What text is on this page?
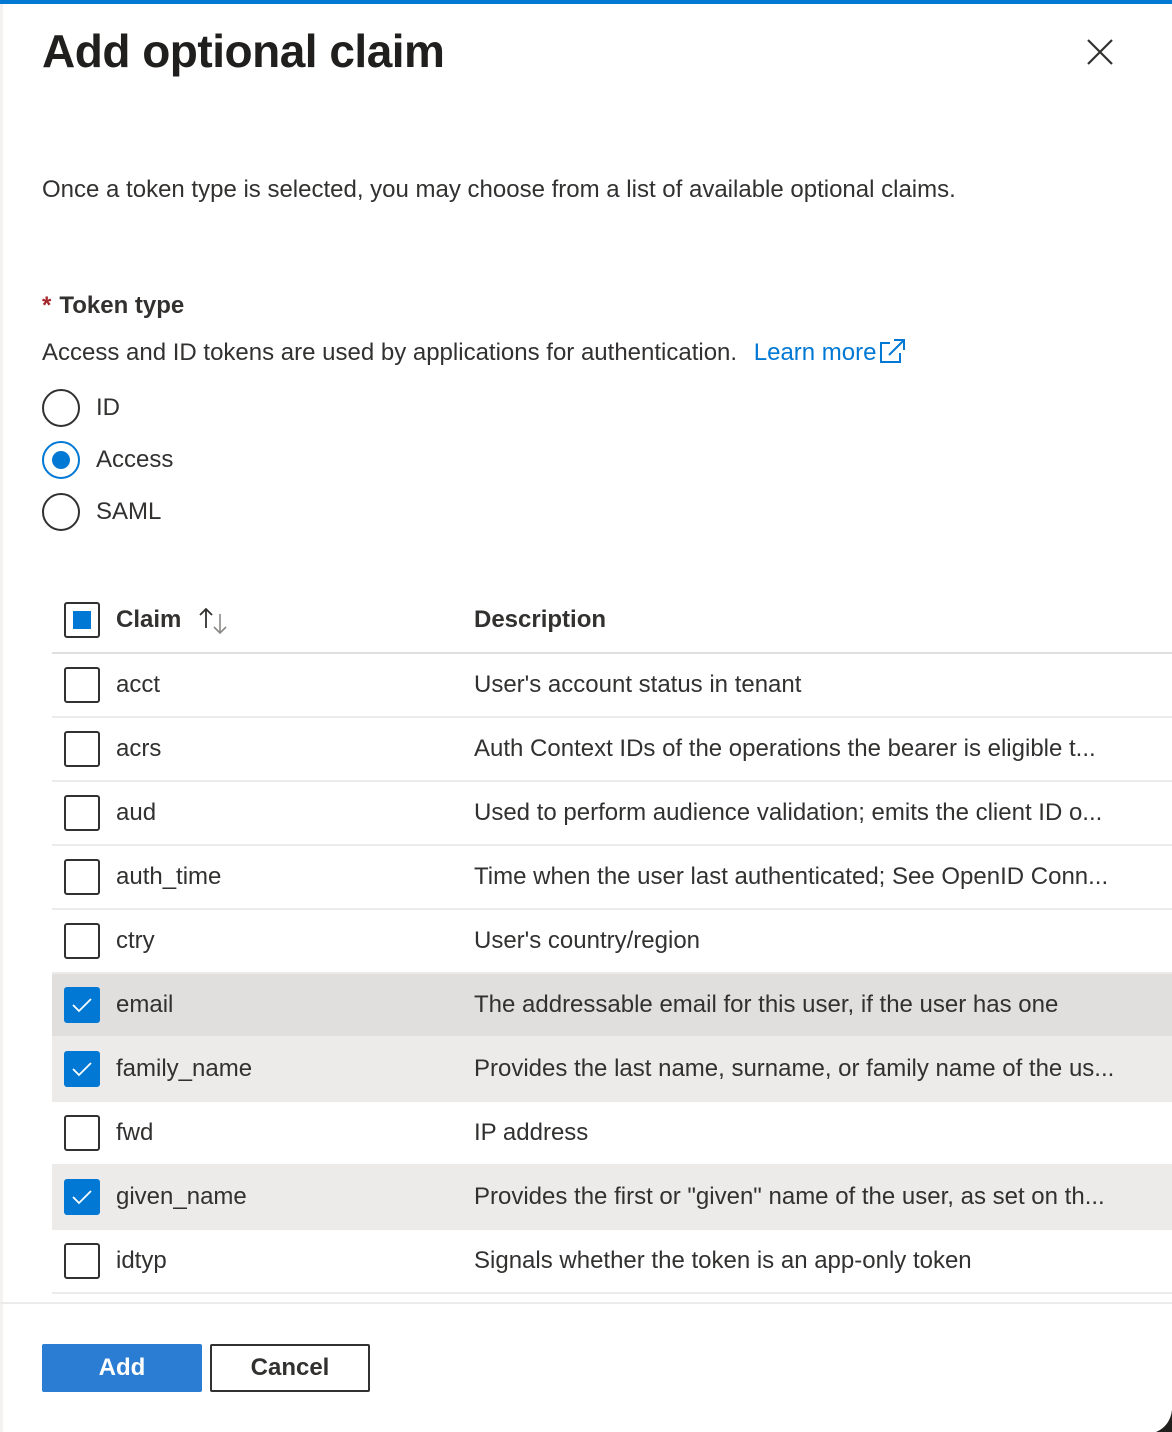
Add optional claim

Once a token type is selected, you may choose from a list of available optional claims.

* Token type
Access and ID tokens are used by applications for authentication. Learn more
ID
Access
SAML
Claim	Description
acct	User's account status in tenant
acrs	Auth Context IDs of the operations the bearer is eligible t...
aud	Used to perform audience validation; emits the client ID o...
auth_time	Time when the user last authenticated; See OpenID Conn...
ctry	User's country/region
email	The addressable email for this user, if the user has one
family_name	Provides the last name, surname, or family name of the us...
fwd	IP address
given_name	Provides the first or "given" name of the user, as set on th...
idtyp	Signals whether the token is an app-only token
Add	Cancel
